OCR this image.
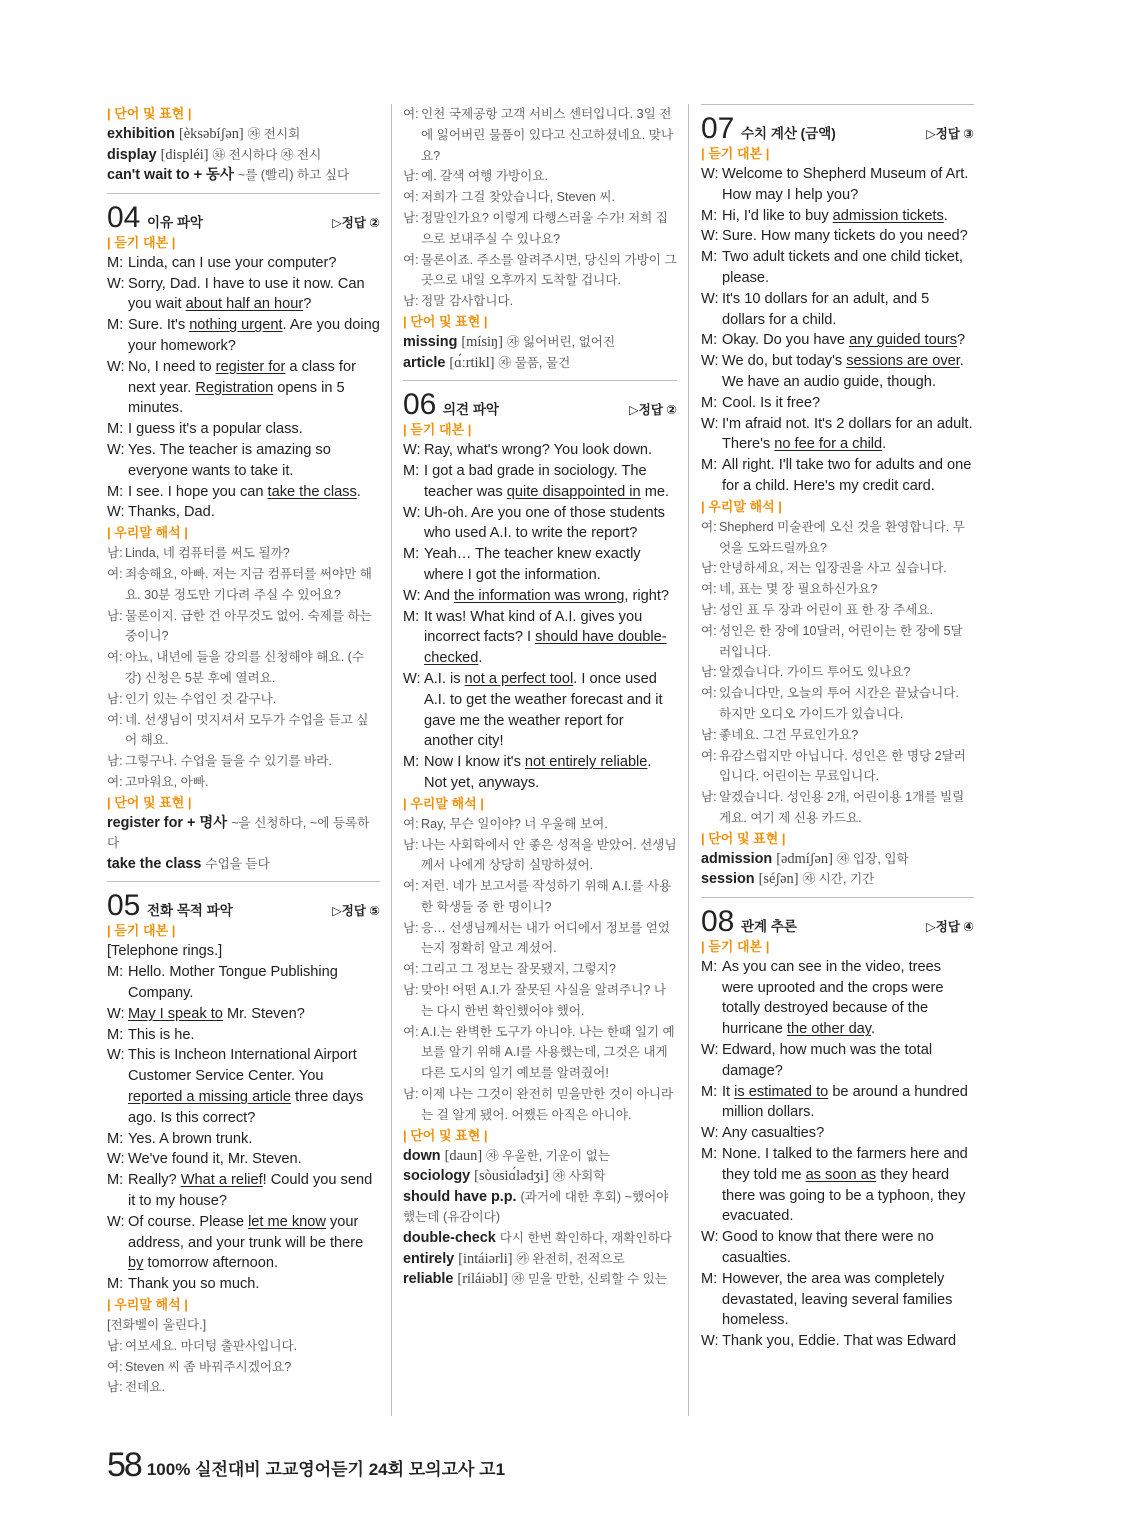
| 단어 및 표현 |
exhibition [èksəbíʃən] ㉶ 전시회
display [displéi] ㉷ 전시하다 ㉶ 전시
can't wait to + 동사 ~를 (빨리) 하고 싶다
04 이유 파악	▷ 정답 ②
| 듣기 대본 |
M: Linda, can I use your computer?
W: Sorry, Dad. I have to use it now. Can you wait about half an hour?
M: Sure. It's nothing urgent. Are you doing your homework?
W: No, I need to register for a class for next year. Registration opens in 5 minutes.
M: I guess it's a popular class.
W: Yes. The teacher is amazing so everyone wants to take it.
M: I see. I hope you can take the class.
W: Thanks, Dad.
| 우리말 해석 |
남: Linda, 네 컴퓨터를 써도 될까?
여: 죄송해요, 아빠. 저는 지금 컴퓨터를 써야만 해요. 30분 정도만 기다려 주실 수 있어요?
남: 물론이지. 급한 건 아무것도 없어. 숙제를 하는 중이니?
여: 아뇨, 내년에 들을 강의를 신청해야 해요. (수강) 신청은 5분 후에 열려요.
남: 인기 있는 수업인 것 같구나.
여: 네. 선생님이 멋지셔서 모두가 수업을 듣고 싶어 해요.
남: 그렇구나. 수업을 들을 수 있기를 바라.
여: 고마워요, 아빠.
| 단어 및 표현 |
register for + 명사 ~을 신청하다, ~에 등록하다
take the class 수업을 듣다
05 전화 목적 파악	▷ 정답 ⑤
| 듣기 대본 |
[Telephone rings.]
M: Hello. Mother Tongue Publishing Company.
W: May I speak to Mr. Steven?
M: This is he.
W: This is Incheon International Airport Customer Service Center. You reported a missing article three days ago. Is this correct?
M: Yes. A brown trunk.
W: We've found it, Mr. Steven.
M: Really? What a relief! Could you send it to my house?
W: Of course. Please let me know your address, and your trunk will be there by tomorrow afternoon.
M: Thank you so much.
| 우리말 해석 |
[전화벨이 울린다.]
남: 여보세요. 마더텅 출판사입니다.
여: Steven 씨 좀 바꿔주시겠어요?
남: 전데요.
여: 인천 국제공항 고객 서비스 센터입니다. 3일 전에 잃어버린 물품이 있다고 신고하셨네요. 맞나요?
남: 예. 갈색 여행 가방이요.
여: 저희가 그걸 찾았습니다, Steven 씨.
남: 정말인가요? 이렇게 다행스러울 수가! 저희 집으로 보내주실 수 있나요?
여: 물론이죠. 주소를 알려주시면, 당신의 가방이 그곳으로 내일 오후까지 도착할 겁니다.
남: 정말 감사합니다.
| 단어 및 표현 |
missing [mísiŋ] ㉶ 잃어버린, 없어진
article [ɑ́ːrtikl] ㉶ 물품, 물건
06 의견 파악	▷ 정답 ②
| 듣기 대본 |
W: Ray, what's wrong? You look down.
M: I got a bad grade in sociology. The teacher was quite disappointed in me.
W: Uh-oh. Are you one of those students who used A.I. to write the report?
M: Yeah… The teacher knew exactly where I got the information.
W: And the information was wrong, right?
M: It was! What kind of A.I. gives you incorrect facts? I should have double-checked.
W: A.I. is not a perfect tool. I once used A.I. to get the weather forecast and it gave me the weather report for another city!
M: Now I know it's not entirely reliable. Not yet, anyways.
| 우리말 해석 |
여: Ray, 무슨 일이야? 너 우울해 보여.
남: 나는 사회학에서 안 좋은 성적을 받았어. 선생님께서 나에게 상당히 실망하셨어.
여: 저런. 네가 보고서를 작성하기 위해 A.I.를 사용한 학생들 중 한 명이니?
남: 응… 선생님께서는 내가 어디에서 정보를 얻었는지 정확히 알고 계셨어.
여: 그리고 그 정보는 잘못됐지, 그렇지?
남: 맞아! 어떤 A.I.가 잘못된 사실을 알려주니? 나는 다시 한번 확인했어야 했어.
여: A.I.는 완벽한 도구가 아니야. 나는 한때 일기 예보를 알기 위해 A.I를 사용했는데, 그것은 내게 다른 도시의 일기 예보를 알려줬어!
남: 이제 나는 그것이 완전히 믿을만한 것이 아니라는 걸 알게 됐어. 어쨌든 아직은 아니야.
| 단어 및 표현 |
down [daun] ㉶ 우울한, 기운이 없는
sociology [sòusiɑ́lədʒi] ㉶ 사회학
should have p.p. (과거에 대한 후회) ~했어야 했는데 (유감이다)
double-check 다시 한번 확인하다, 재확인하다
entirely [intáiərli] ㉸ 완전히, 전적으로
reliable [riláiəbl] ㉶ 믿을 만한, 신뢰할 수 있는
07 수치 계산 (금액)	▷ 정답 ③
| 듣기 대본 |
W: Welcome to Shepherd Museum of Art. How may I help you?
M: Hi, I'd like to buy admission tickets.
W: Sure. How many tickets do you need?
M: Two adult tickets and one child ticket, please.
W: It's 10 dollars for an adult, and 5 dollars for a child.
M: Okay. Do you have any guided tours?
W: We do, but today's sessions are over. We have an audio guide, though.
M: Cool. Is it free?
W: I'm afraid not. It's 2 dollars for an adult. There's no fee for a child.
M: All right. I'll take two for adults and one for a child. Here's my credit card.
| 우리말 해석 |
여: Shepherd 미술관에 오신 것을 환영합니다. 무엇을 도와드릴까요?
남: 안녕하세요, 저는 입장권을 사고 싶습니다.
여: 네, 표는 몇 장 필요하신가요?
남: 성인 표 두 장과 어린이 표 한 장 주세요.
여: 성인은 한 장에 10달러, 어린이는 한 장에 5달러입니다.
남: 알겠습니다. 가이드 투어도 있나요?
여: 있습니다만, 오늘의 투어 시간은 끝났습니다. 하지만 오디오 가이드가 있습니다.
남: 좋네요. 그건 무료인가요?
여: 유감스럽지만 아닙니다. 성인은 한 명당 2달러입니다. 어린이는 무료입니다.
남: 알겠습니다. 성인용 2개, 어린이용 1개를 빌릴게요. 여기 제 신용 카드요.
| 단어 및 표현 |
admission [ədmíʃən] ㉶ 입장, 입학
session [séʃən] ㉶ 시간, 기간
08 관계 추론	▷ 정답 ④
| 듣기 대본 |
M: As you can see in the video, trees were uprooted and the crops were totally destroyed because of the hurricane the other day.
W: Edward, how much was the total damage?
M: It is estimated to be around a hundred million dollars.
W: Any casualties?
M: None. I talked to the farmers here and they told me as soon as they heard there was going to be a typhoon, they evacuated.
W: Good to know that there were no casualties.
M: However, the area was completely devastated, leaving several families homeless.
W: Thank you, Eddie. That was Edward
58 100% 실전대비 고교영어듣기 24회 모의고사 고1
